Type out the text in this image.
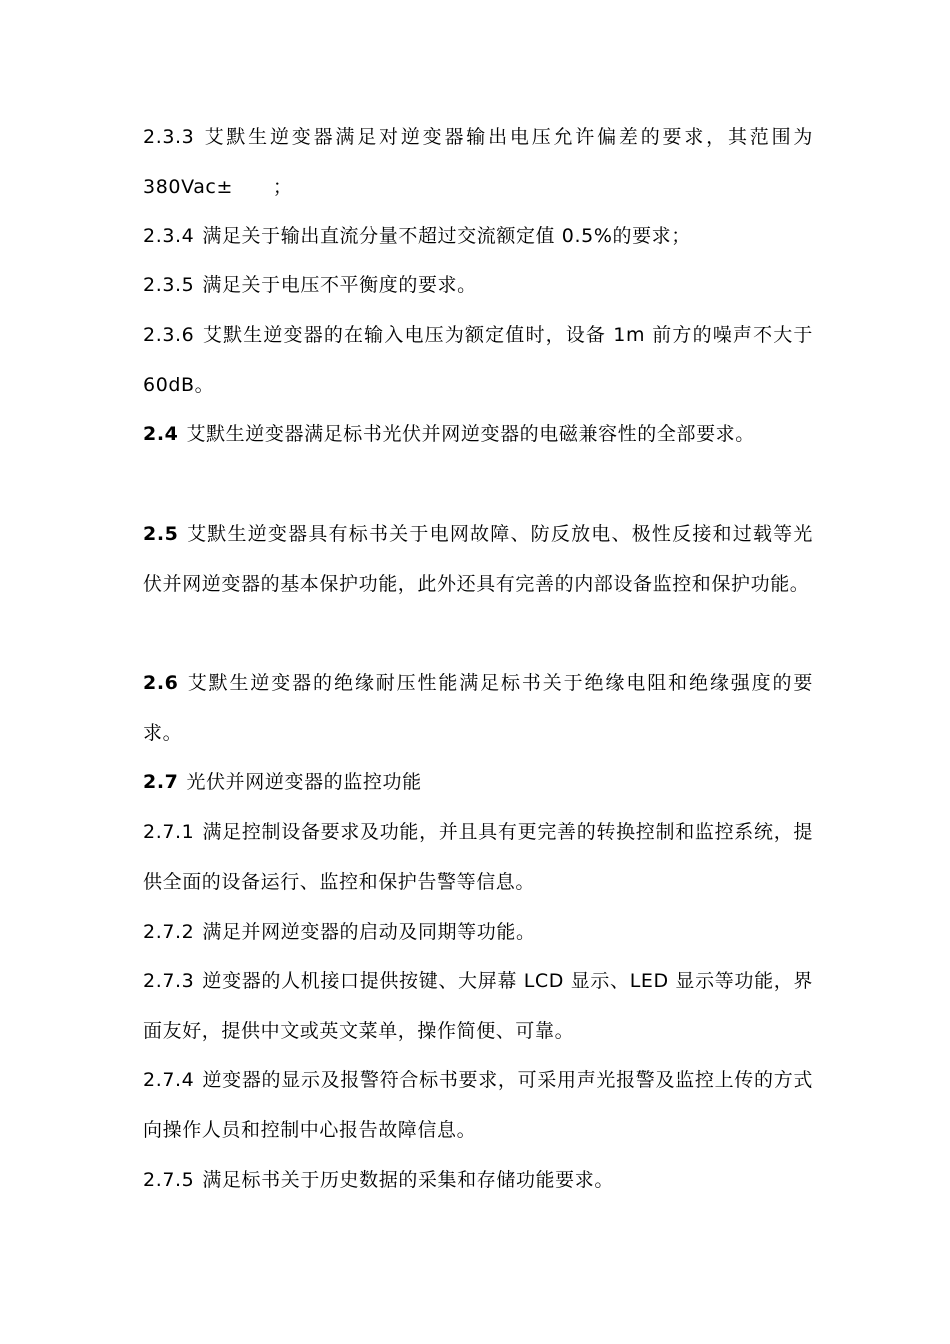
2.3.3 艾默生逆变器满足对逆变器输出电压允许偏差的要求，其范围为 380Vac±      ；

2.3.4 满足关于输出直流分量不超过交流额定值 0.5%的要求；

2.3.5 满足关于电压不平衡度的要求。

2.3.6 艾默生逆变器的在输入电压为额定值时，设备 1m 前方的噪声不大于 60dB。

2.4 艾默生逆变器满足标书光伏并网逆变器的电磁兼容性的全部要求。

2.5 艾默生逆变器具有标书关于电网故障、防反放电、极性反接和过载等光伏并网逆变器的基本保护功能，此外还具有完善的内部设备监控和保护功能。

2.6 艾默生逆变器的绝缘耐压性能满足标书关于绝缘电阻和绝缘强度的要求。

2.7 光伏并网逆变器的监控功能

2.7.1 满足控制设备要求及功能，并且具有更完善的转换控制和监控系统，提供全面的设备运行、监控和保护告警等信息。

2.7.2 满足并网逆变器的启动及同期等功能。

2.7.3 逆变器的人机接口提供按键、大屏幕 LCD 显示、LED 显示等功能，界面友好，提供中文或英文菜单，操作简便、可靠。

2.7.4 逆变器的显示及报警符合标书要求，可采用声光报警及监控上传的方式向操作人员和控制中心报告故障信息。

2.7.5 满足标书关于历史数据的采集和存储功能要求。
